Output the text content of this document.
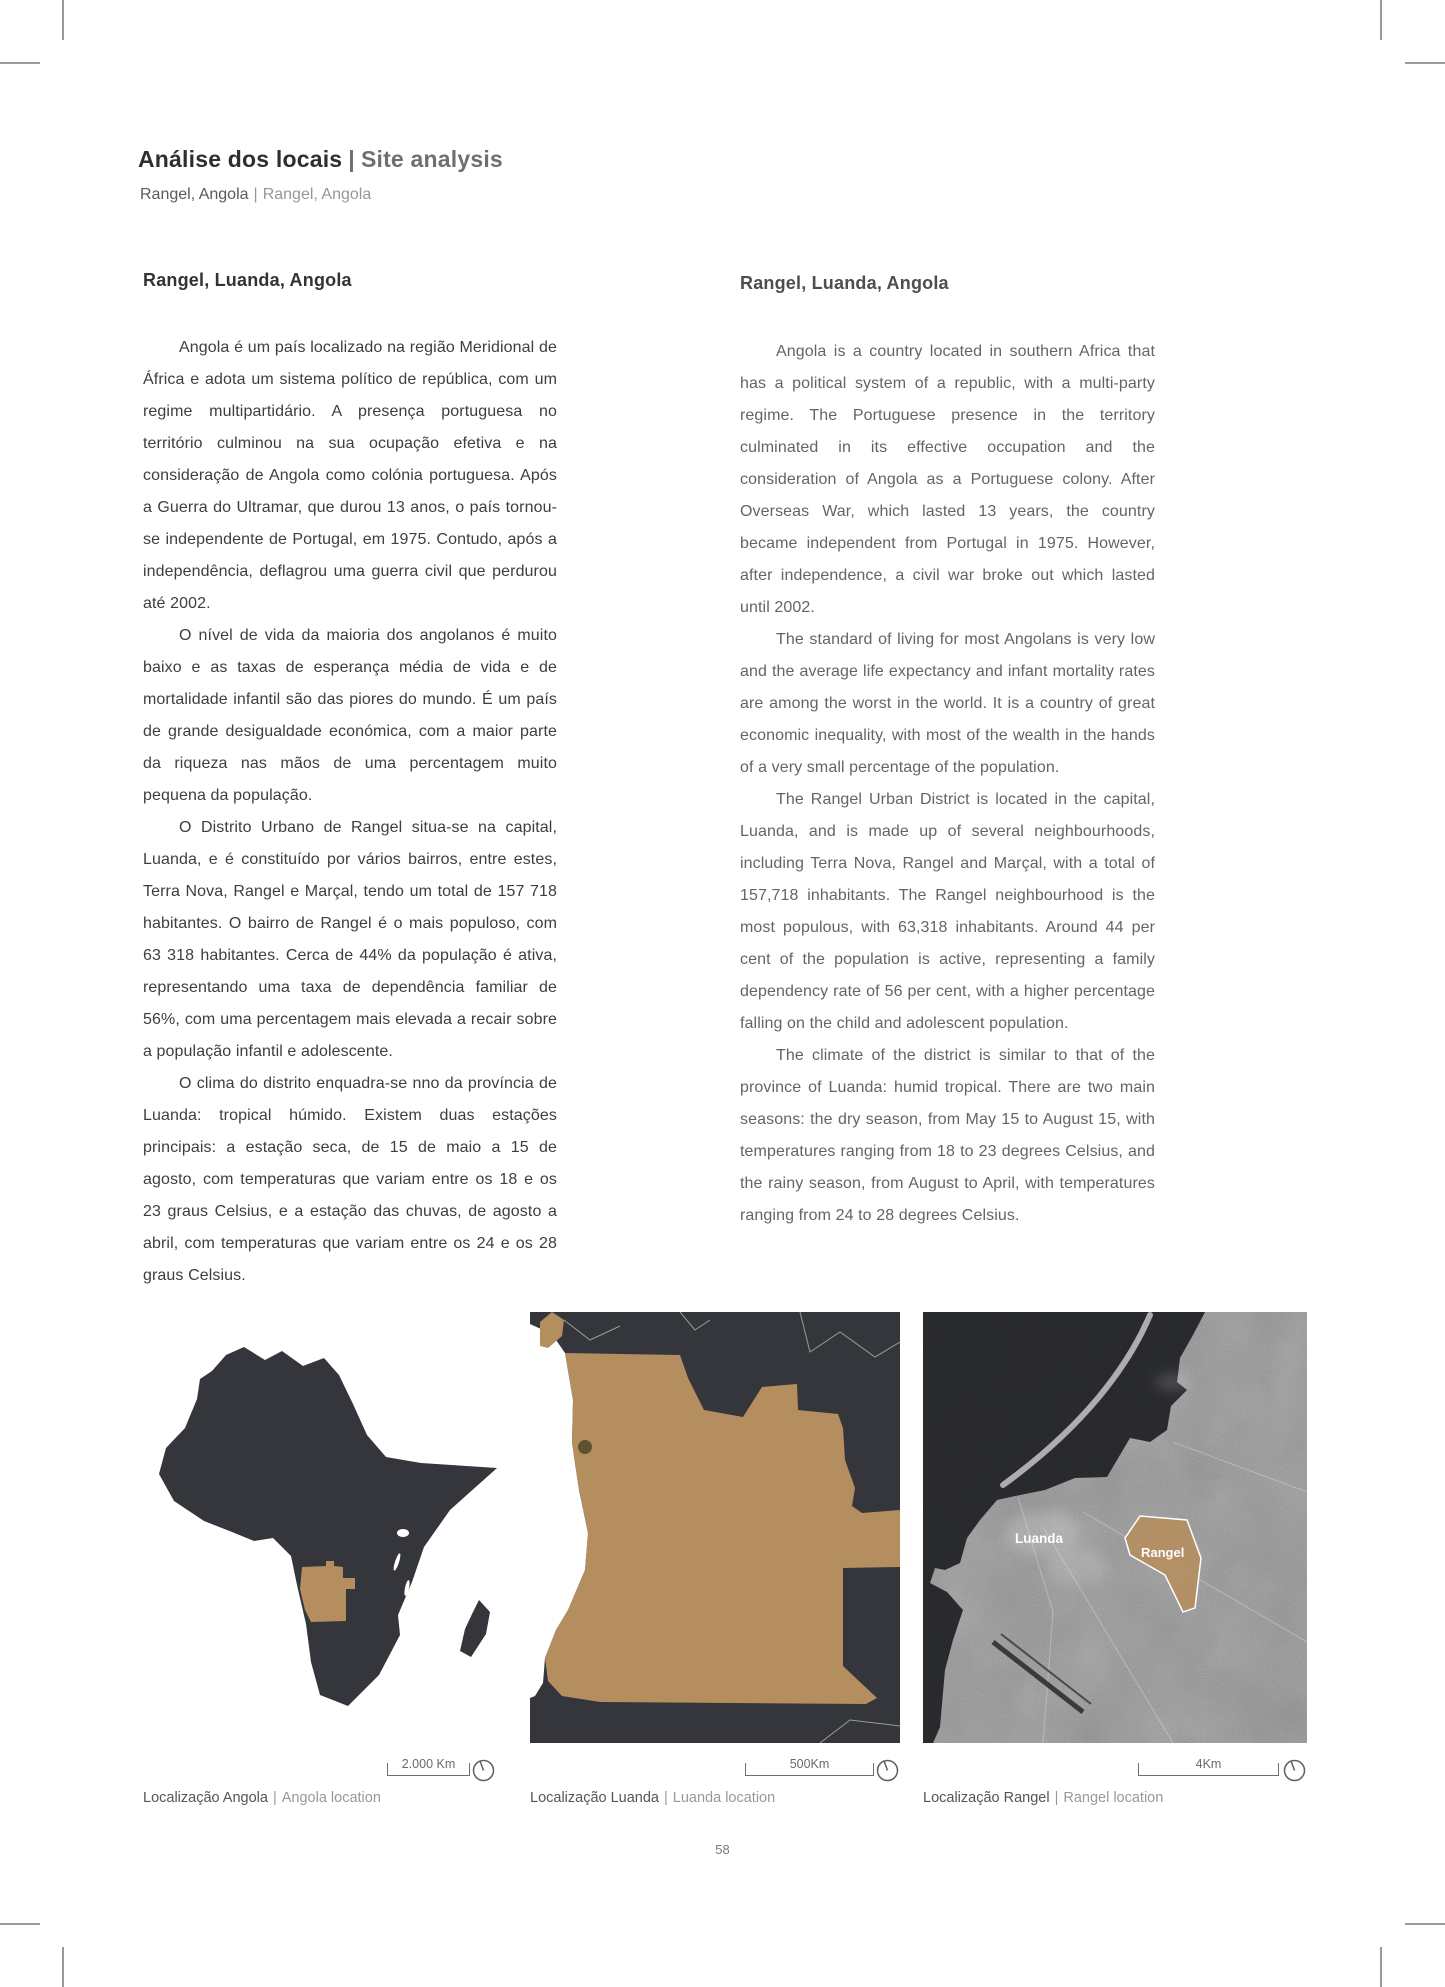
Análise dos locais | Site analysis
Rangel, Angola | Rangel, Angola
Rangel, Luanda, Angola	Rangel, Luanda, Angola

Angola é um país localizado na região Meridional de África e adota um sistema político de república, com um regime multipartidário. A presença portuguesa no território culminou na sua ocupação efetiva e na consideração de Angola como colónia portuguesa. Após a Guerra do Ultramar, que durou 13 anos, o país tornou-se independente de Portugal, em 1975. Contudo, após a independência, deflagrou uma guerra civil que perdurou até 2002.

O nível de vida da maioria dos angolanos é muito baixo e as taxas de esperança média de vida e de mortalidade infantil são das piores do mundo. É um país de grande desigualdade económica, com a maior parte da riqueza nas mãos de uma percentagem muito pequena da população.

O Distrito Urbano de Rangel situa-se na capital, Luanda, e é constituído por vários bairros, entre estes, Terra Nova, Rangel e Marçal, tendo um total de 157 718 habitantes. O bairro de Rangel é o mais populoso, com 63 318 habitantes. Cerca de 44% da população é ativa, representando uma taxa de dependência familiar de 56%, com uma percentagem mais elevada a recair sobre a população infantil e adolescente.

O clima do distrito enquadra-se nno da província de Luanda: tropical húmido. Existem duas estações principais: a estação seca, de 15 de maio a 15 de agosto, com temperaturas que variam entre os 18 e os 23 graus Celsius, e a estação das chuvas, de agosto a abril, com temperaturas que variam entre os 24 e os 28 graus Celsius.

Angola is a country located in southern Africa that has a political system of a republic, with a multi-party regime. The Portuguese presence in the territory culminated in its effective occupation and the consideration of Angola as a Portuguese colony. After Overseas War, which lasted 13 years, the country became independent from Portugal in 1975. However, after independence, a civil war broke out which lasted until 2002.

The standard of living for most Angolans is very low and the average life expectancy and infant mortality rates are among the worst in the world. It is a country of great economic inequality, with most of the wealth in the hands of a very small percentage of the population.

The Rangel Urban District is located in the capital, Luanda, and is made up of several neighbourhoods, including Terra Nova, Rangel and Marçal, with a total of 157,718 inhabitants. The Rangel neighbourhood is the most populous, with 63,318 inhabitants. Around 44 per cent of the population is active, representing a family dependency rate of 56 per cent, with a higher percentage falling on the child and adolescent population.

The climate of the district is similar to that of the province of Luanda: humid tropical. There are two main seasons: the dry season, from May 15 to August 15, with temperatures ranging from 18 to 23 degrees Celsius, and the rainy season, from August to April, with temperatures ranging from 24 to 28 degrees Celsius.

Luanda
Rangel
2.000 Km	500Km	4Km
Localização Angola | Angola location	Localização Luanda | Luanda location	Localização Rangel | Rangel location
58
